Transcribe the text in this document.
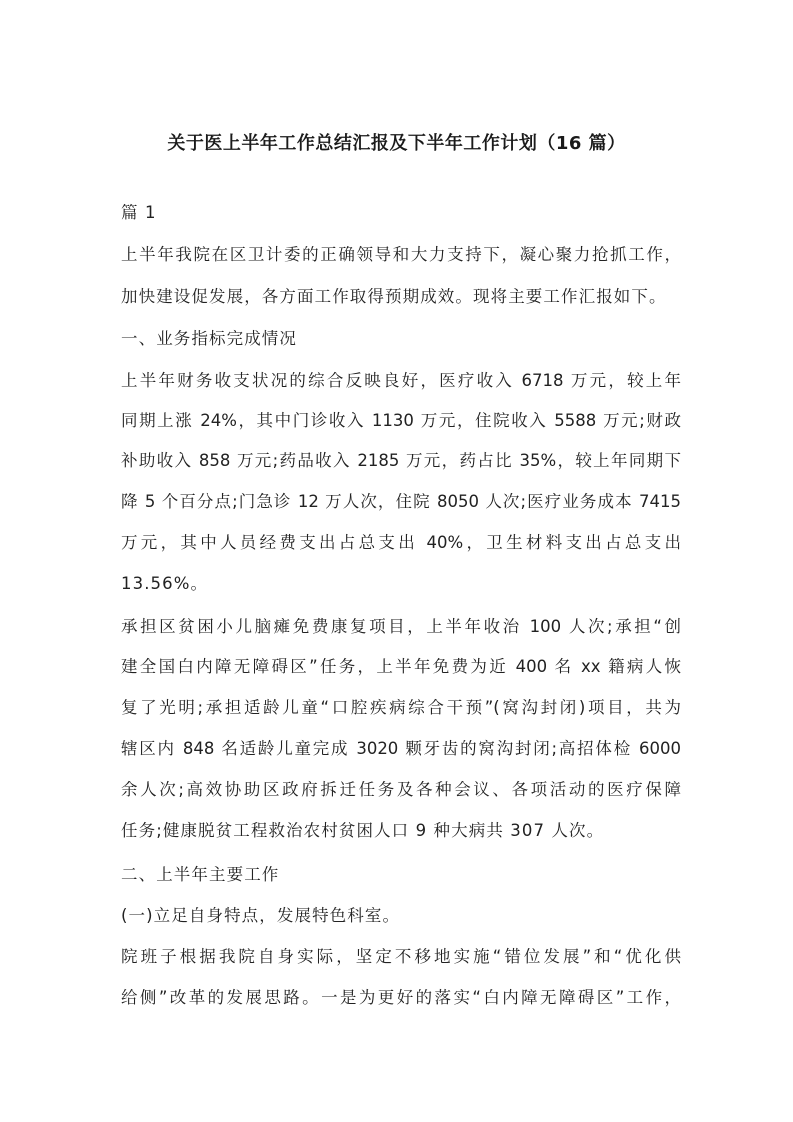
关于医上半年工作总结汇报及下半年工作计划（16 篇）
篇 1
上半年我院在区卫计委的正确领导和大力支持下，凝心聚力抢抓工作，
加快建设促发展，各方面工作取得预期成效。现将主要工作汇报如下。
一、业务指标完成情况
上半年财务收支状况的综合反映良好，医疗收入 6718 万元，较上年
同期上涨 24%，其中门诊收入 1130 万元，住院收入 5588 万元;财政
补助收入 858 万元;药品收入 2185 万元，药占比 35%，较上年同期下
降 5 个百分点;门急诊 12 万人次，住院 8050 人次;医疗业务成本 7415
万元，其中人员经费支出占总支出 40%，卫生材料支出占总支出
13.56%。
承担区贫困小儿脑瘫免费康复项目，上半年收治 100 人次;承担“创
建全国白内障无障碍区”任务，上半年免费为近 400 名 xx 籍病人恢
复了光明;承担适龄儿童“口腔疾病综合干预”(窝沟封闭)项目，共为
辖区内 848 名适龄儿童完成 3020 颗牙齿的窝沟封闭;高招体检 6000
余人次;高效协助区政府拆迁任务及各种会议、各项活动的医疗保障
任务;健康脱贫工程救治农村贫困人口 9 种大病共 307 人次。
二、上半年主要工作
(一)立足自身特点，发展特色科室。
院班子根据我院自身实际，坚定不移地实施“错位发展”和“优化供
给侧”改革的发展思路。一是为更好的落实“白内障无障碍区”工作，
